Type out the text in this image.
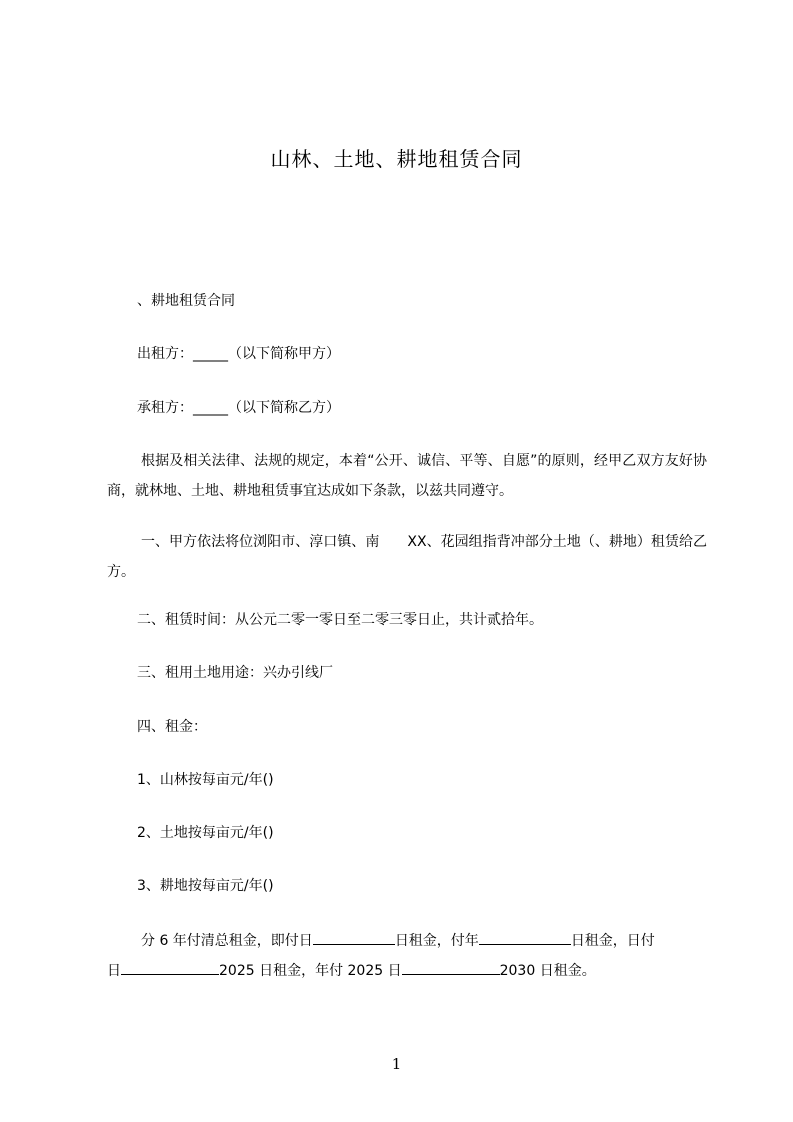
山林、土地、耕地租赁合同
、耕地租赁合同
出租方：_____（以下简称甲方）
承租方：_____（以下简称乙方）
根据及相关法律、法规的规定，本着“公开、诚信、平等、自愿”的原则，经甲乙双方友好协商，就林地、土地、耕地租赁事宜达成如下条款，以兹共同遵守。
一、甲方依法将位浏阳市、淳口镇、南　　XX、花园组指背冲部分土地（、耕地）租赁给乙方。
二、租赁时间：从公元二零一零日至二零三零日止，共计贰拾年。
三、租用土地用途：兴办引线厂
四、租金：
1、山林按每亩元/年()
2、土地按每亩元/年()
3、耕地按每亩元/年()
分 6 年付清总租金，即付日	日租金，付年	日租金，日付
日	2025 日租金，年付 2025 日	2030 日租金。
1
